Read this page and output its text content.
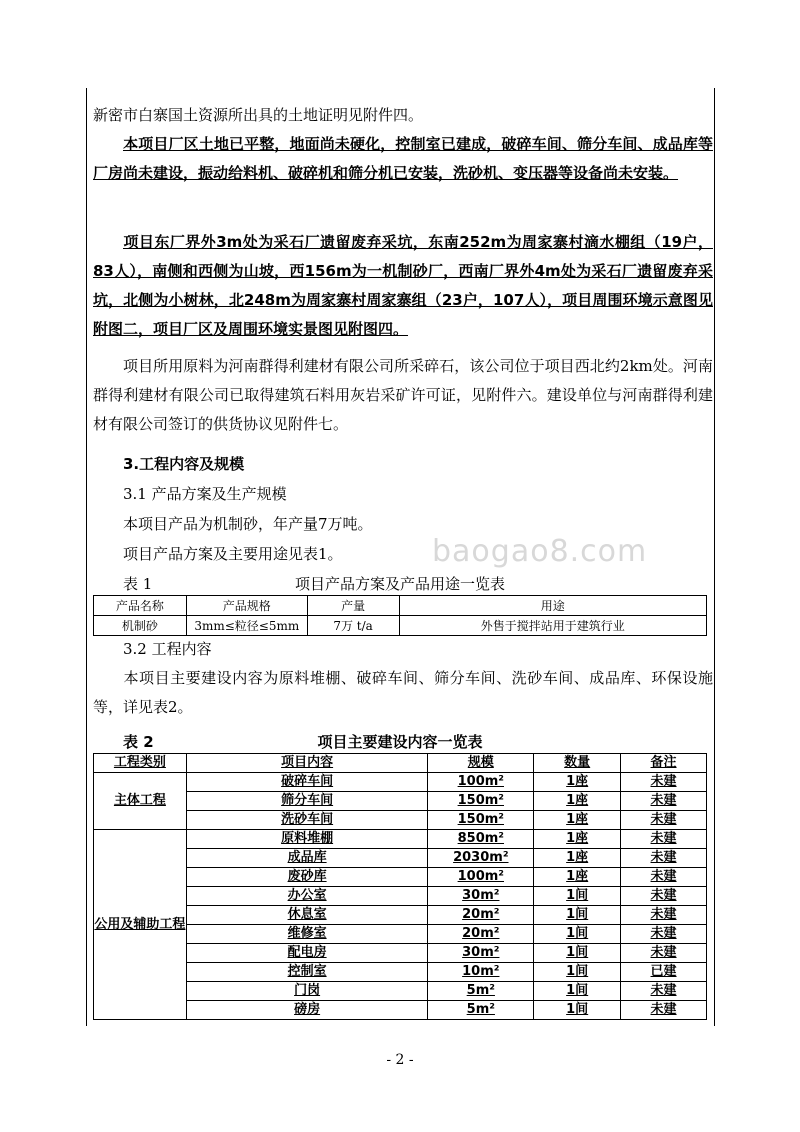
新密市白寨国土资源所出具的土地证明见附件四。

本项目厂区土地已平整，地面尚未硬化，控制室已建成，破碎车间、筛分车间、成品库等厂房尚未建设，振动给料机、破碎机和筛分机已安装，洗砂机、变压器等设备尚未安装。

项目东厂界外3m处为采石厂遗留废弃采坑，东南252m为周家寨村滴水棚组（19户，83人），南侧和西侧为山坡，西156m为一机制砂厂，西南厂界外4m处为采石厂遗留废弃采坑，北侧为小树林，北248m为周家寨村周家寨组（23户，107人），项目周围环境示意图见附图二，项目厂区及周围环境实景图见附图四。

项目所用原料为河南群得利建材有限公司所采碎石，该公司位于项目西北约2km处。河南群得利建材有限公司已取得建筑石料用灰岩采矿许可证，见附件六。建设单位与河南群得利建材有限公司签订的供货协议见附件七。

3.工程内容及规模
3.1 产品方案及生产规模
本项目产品为机制砂，年产量7万吨。
项目产品方案及主要用途见表1。	baogao8.com
表 1	项目产品方案及产品用途一览表
产品名称	产品规格	产量	用途
机制砂	3mm≤粒径≤5mm	7万 t/a	外售于搅拌站用于建筑行业
3.2 工程内容

本项目主要建设内容为原料堆棚、破碎车间、筛分车间、洗砂车间、成品库、环保设施等，详见表2。

表 2	项目主要建设内容一览表
工程类别	项目内容	规模	数量	备注
主体工程	破碎车间	100m²	1座	未建
	筛分车间	150m²	1座	未建
	洗砂车间	150m²	1座	未建
公用及辅助工程	原料堆棚	850m²	1座	未建
	成品库	2030m²	1座	未建
	废砂库	100m²	1座	未建
	办公室	30m²	1间	未建
	休息室	20m²	1间	未建
	维修室	20m²	1间	未建
	配电房	30m²	1间	未建
	控制室	10m²	1间	已建
	门岗	5m²	1间	未建
	磅房	5m²	1间	未建
- 2 -
